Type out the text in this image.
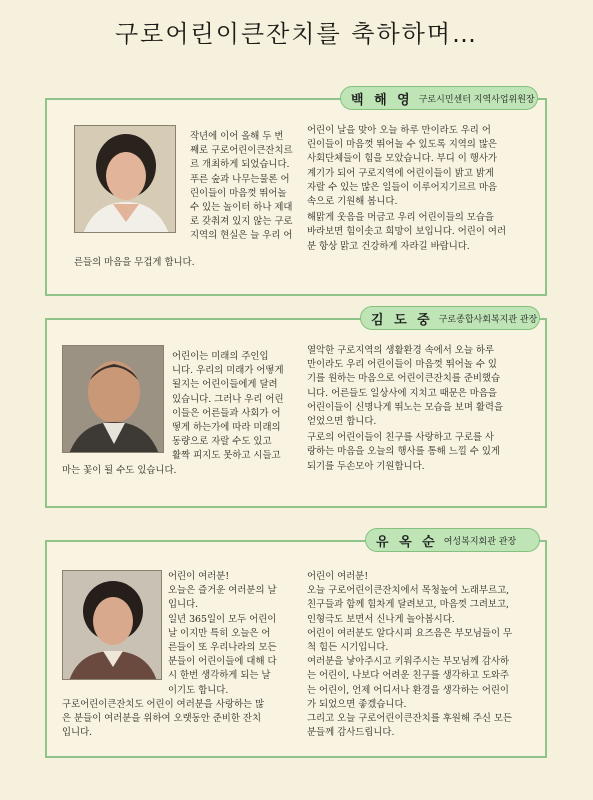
구로어린이큰잔치를 축하하며…
백 해 영 구로시민센터 지역사업위원장
작년에 이어 올해 두 번
째로 구로어린이큰잔치르
르 개최하게 되었습니다.
푸른 숲과 나무는물론 어
린이들이 마음껏 뛰어놀
수 있는 놀이터 하나 제대
로 갖춰져 있지 않는 구로
지역의 현실은 늘 우리 어
른들의 마음을 무겁게 합니다.
어린이 날을 맞아 오늘 하루 만이라도 우리 어
린이들이 마음껏 뛰어놀 수 있도록 지역의 많은
사회단체들이 힘을 모았습니다. 부디 이 행사가
계기가 되어 구로지역에 어린이들이 밝고 밝게
자랄 수 있는 많은 일들이 이루어지기르르 마음
속으로 기원해 봅니다.
해맑게 웃음을 머금고 우리 어린이들의 모습을
바라보면 힘이솟고 희망이 보입니다. 어린이 여러
분 항상 맑고 건강하게 자라길 바랍니다.
김 도 중 구로종합사회복지관 관장
어린이는 미래의 주인입
니다. 우리의 미래가 어떻게
될지는 어린이들에게 달려
있습니다. 그러나 우리 어린
이들은 어른들과 사회가 어
떻게 하는가에 따라 미래의
동량으로 자랄 수도 있고
활짝 피지도 못하고 시들고
마는 꽃이 될 수도 있습니다.
열악한 구로지역의 생활환경 속에서 오늘 하루
만이라도 우리 어린이들이 마음껏 뛰어놀 수 있
기를 원하는 마음으로 어린이큰잔치를 준비했습
니다. 어른들도 일상사에 지치고 때문은 마음을
어린이들이 신명나게 뛰노는 모습을 보며 활력을
얻었으면 합니다.
구로의 어린이들이 친구를 사랑하고 구로를 사
랑하는 마음을 오늘의 행사를 통해 느낄 수 있게
되기를 두손모아 기원합니다.
유 옥 순 여성복지회관 관장
어린이 여러분!
오늘은 즐거운 여러분의 날
입니다.
일년 365일이 모두 어린이
날 이지만 특히 오늘은 어
른들이 또 우리나라의 모든
분들이 어린이들에 대해 다
시 한번 생각하게 되는 날
이기도 합니다.
구로어린이큰잔치도 어린이 여러분을 사랑하는 많
은 분들이 여러분을 위하여 오랫동안 준비한 잔치
입니다.
어린이 여러분!
오늘 구로어린이큰잔치에서 목청높여 노래부르고,
친구들과 함께 힘차게 달려보고, 마음껏 그려보고,
인형극도 보면서 신나게 놀아봅시다.
어린이 여러분도 알다시피 요즈음은 부모님들이 무
척 힘든 시기입니다.
여러분을 낳아주시고 키워주시는 부모님께 감사하
는 어린이, 나보다 어려운 친구를 생각하고 도와주
는 어린이, 언제 어디서나 환경을 생각하는 어린이
가 되었으면 좋겠습니다.
그리고 오늘 구로어린이큰잔치를 후원해 주신 모든
분들께 감사드립니다.
